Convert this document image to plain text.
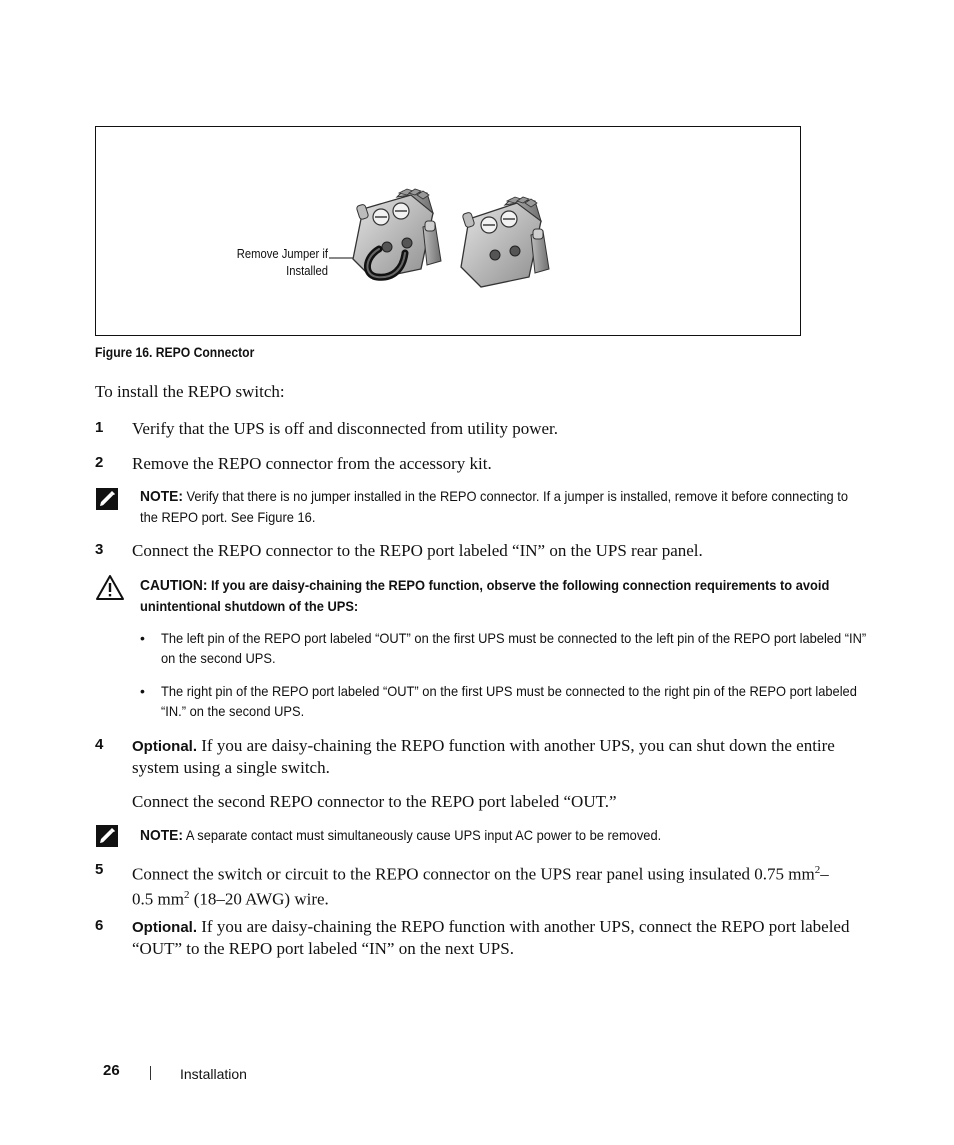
Remove Jumper if
Installed
Figure 16. REPO Connector
To install the REPO switch:
1 Verify that the UPS is off and disconnected from utility power.
2 Remove the REPO connector from the accessory kit.
NOTE: Verify that there is no jumper installed in the REPO connector. If a jumper is installed, remove it before connecting to the REPO port. See Figure 16.
3 Connect the REPO connector to the REPO port labeled “IN” on the UPS rear panel.
CAUTION: If you are daisy-chaining the REPO function, observe the following connection requirements to avoid unintentional shutdown of the UPS:
• The left pin of the REPO port labeled “OUT” on the first UPS must be connected to the left pin of the REPO port labeled “IN” on the second UPS.
• The right pin of the REPO port labeled “OUT” on the first UPS must be connected to the right pin of the REPO port labeled “IN.” on the second UPS.
4 Optional. If you are daisy-chaining the REPO function with another UPS, you can shut down the entire system using a single switch.
Connect the second REPO connector to the REPO port labeled “OUT.”
NOTE: A separate contact must simultaneously cause UPS input AC power to be removed.
5 Connect the switch or circuit to the REPO connector on the UPS rear panel using insulated 0.75 $mm^2-0.5$ $mm^2$ (18–20 AWG) wire.
6 Optional. If you are daisy-chaining the REPO function with another UPS, connect the REPO port labeled “OUT” to the REPO port labeled “IN” on the next UPS.
26	Installation
